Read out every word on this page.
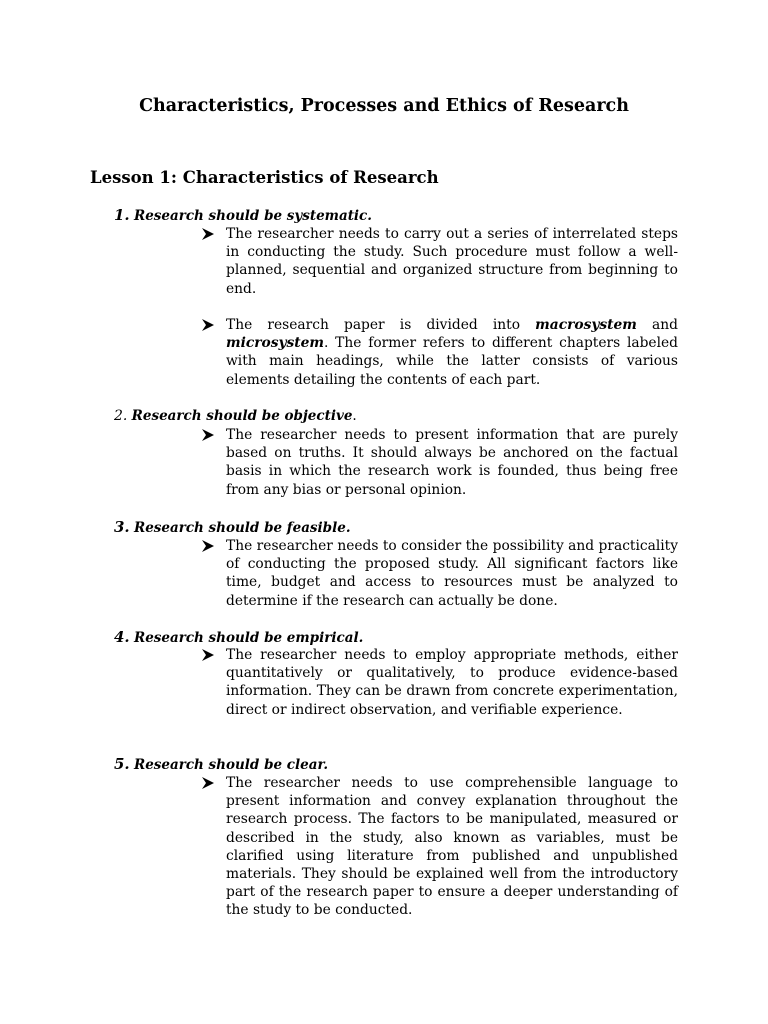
Characteristics, Processes and Ethics of Research
Lesson 1: Characteristics of Research

1. Research should be systematic.

The researcher needs to carry out a series of interrelated steps in conducting the study. Such procedure must follow a well-planned, sequential and organized structure from beginning to end.

The research paper is divided into macrosystem and microsystem. The former refers to different chapters labeled with main headings, while the latter consists of various elements detailing the contents of each part.

2. Research should be objective.

The researcher needs to present information that are purely based on truths. It should always be anchored on the factual basis in which the research work is founded, thus being free from any bias or personal opinion.

3. Research should be feasible.

The researcher needs to consider the possibility and practicality of conducting the proposed study. All significant factors like time, budget and access to resources must be analyzed to determine if the research can actually be done.

4. Research should be empirical.

The researcher needs to employ appropriate methods, either quantitatively or qualitatively, to produce evidence-based information. They can be drawn from concrete experimentation, direct or indirect observation, and verifiable experience.

5. Research should be clear.

The researcher needs to use comprehensible language to present information and convey explanation throughout the research process. The factors to be manipulated, measured or described in the study, also known as variables, must be clarified using literature from published and unpublished materials. They should be explained well from the introductory part of the research paper to ensure a deeper understanding of the study to be conducted.
